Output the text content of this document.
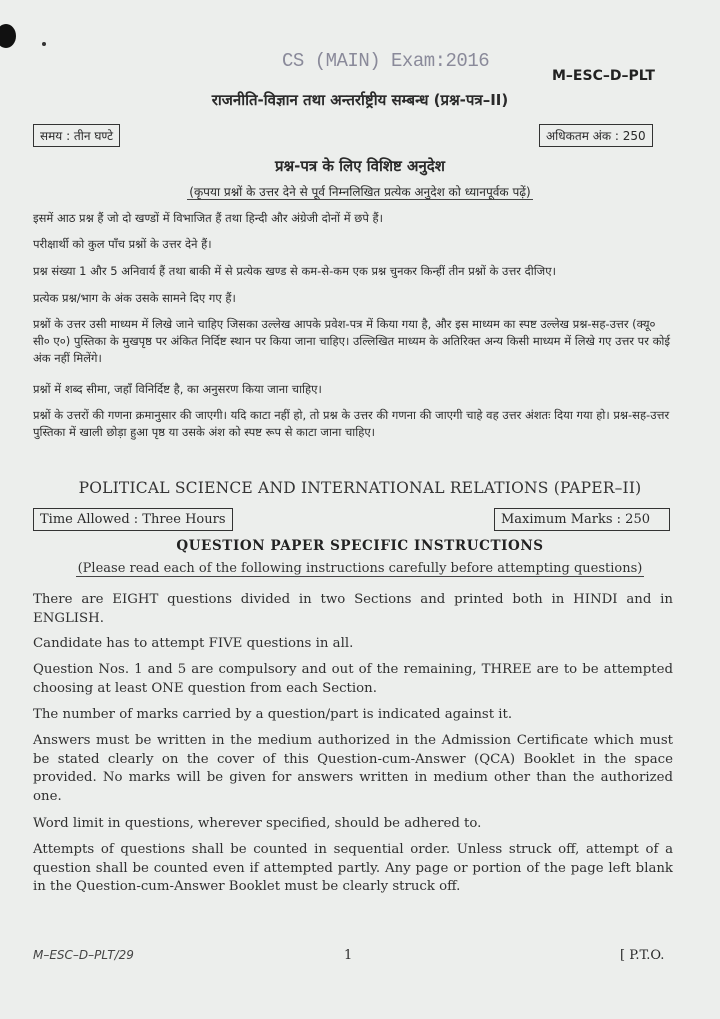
CS (MAIN) Exam:2016
M–ESC–D–PLT
राजनीति-विज्ञान तथा अन्तर्राष्ट्रीय सम्बन्ध (प्रश्न-पत्र–II)
समय : तीन घण्टे	अधिकतम अंक : 250
प्रश्न-पत्र के लिए विशिष्ट अनुदेश
(कृपया प्रश्नों के उत्तर देने से पूर्व निम्नलिखित प्रत्येक अनुदेश को ध्यानपूर्वक पढ़ें)
इसमें आठ प्रश्न हैं जो दो खण्डों में विभाजित हैं तथा हिन्दी और अंग्रेजी दोनों में छपे हैं।
परीक्षार्थी को कुल पाँच प्रश्नों के उत्तर देने हैं।
प्रश्न संख्या 1 और 5 अनिवार्य हैं तथा बाकी में से प्रत्येक खण्ड से कम-से-कम एक प्रश्न चुनकर किन्हीं तीन प्रश्नों के उत्तर दीजिए।
प्रत्येक प्रश्न/भाग के अंक उसके सामने दिए गए हैं।
प्रश्नों के उत्तर उसी माध्यम में लिखे जाने चाहिए जिसका उल्लेख आपके प्रवेश-पत्र में किया गया है, और इस माध्यम का स्पष्ट उल्लेख प्रश्न-सह-उत्तर (क्यू० सी० ए०) पुस्तिका के मुखपृष्ठ पर अंकित निर्दिष्ट स्थान पर किया जाना चाहिए। उल्लिखित माध्यम के अतिरिक्त अन्य किसी माध्यम में लिखे गए उत्तर पर कोई अंक नहीं मिलेंगे।
प्रश्नों में शब्द सीमा, जहाँ विनिर्दिष्ट है, का अनुसरण किया जाना चाहिए।
प्रश्नों के उत्तरों की गणना क्रमानुसार की जाएगी। यदि काटा नहीं हो, तो प्रश्न के उत्तर की गणना की जाएगी चाहे वह उत्तर अंशतः दिया गया हो। प्रश्न-सह-उत्तर पुस्तिका में खाली छोड़ा हुआ पृष्ठ या उसके अंश को स्पष्ट रूप से काटा जाना चाहिए।
POLITICAL SCIENCE AND INTERNATIONAL RELATIONS (PAPER–II)
Time Allowed : Three Hours	Maximum Marks : 250
QUESTION PAPER SPECIFIC INSTRUCTIONS
(Please read each of the following instructions carefully before attempting questions)
There are EIGHT questions divided in two Sections and printed both in HINDI and in ENGLISH.
Candidate has to attempt FIVE questions in all.
Question Nos. 1 and 5 are compulsory and out of the remaining, THREE are to be attempted choosing at least ONE question from each Section.
The number of marks carried by a question/part is indicated against it.
Answers must be written in the medium authorized in the Admission Certificate which must be stated clearly on the cover of this Question-cum-Answer (QCA) Booklet in the space provided. No marks will be given for answers written in medium other than the authorized one.
Word limit in questions, wherever specified, should be adhered to.
Attempts of questions shall be counted in sequential order. Unless struck off, attempt of a question shall be counted even if attempted partly. Any page or portion of the page left blank in the Question-cum-Answer Booklet must be clearly struck off.
M–ESC–D–PLT/29	1	[ P.T.O.
